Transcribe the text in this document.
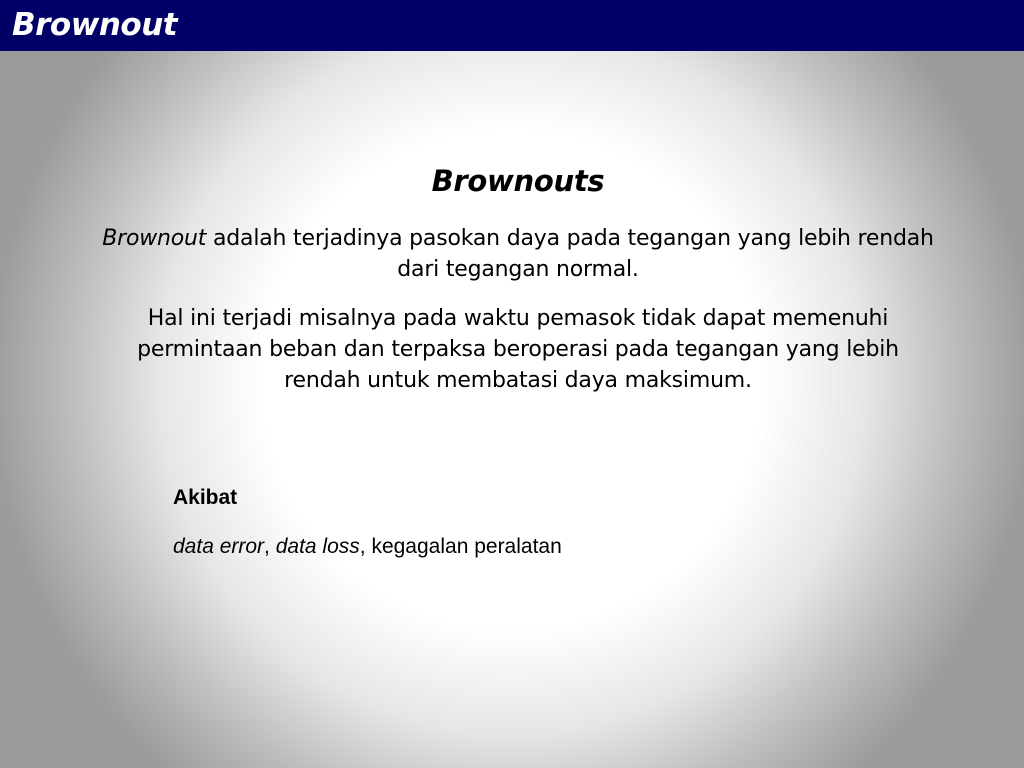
Brownout
Brownouts
Brownout adalah terjadinya pasokan daya pada tegangan yang lebih rendah dari tegangan normal.
Hal ini terjadi misalnya pada waktu pemasok tidak dapat memenuhi permintaan beban dan terpaksa beroperasi pada tegangan yang lebih rendah untuk membatasi daya maksimum.
Akibat
data error, data loss, kegagalan peralatan
